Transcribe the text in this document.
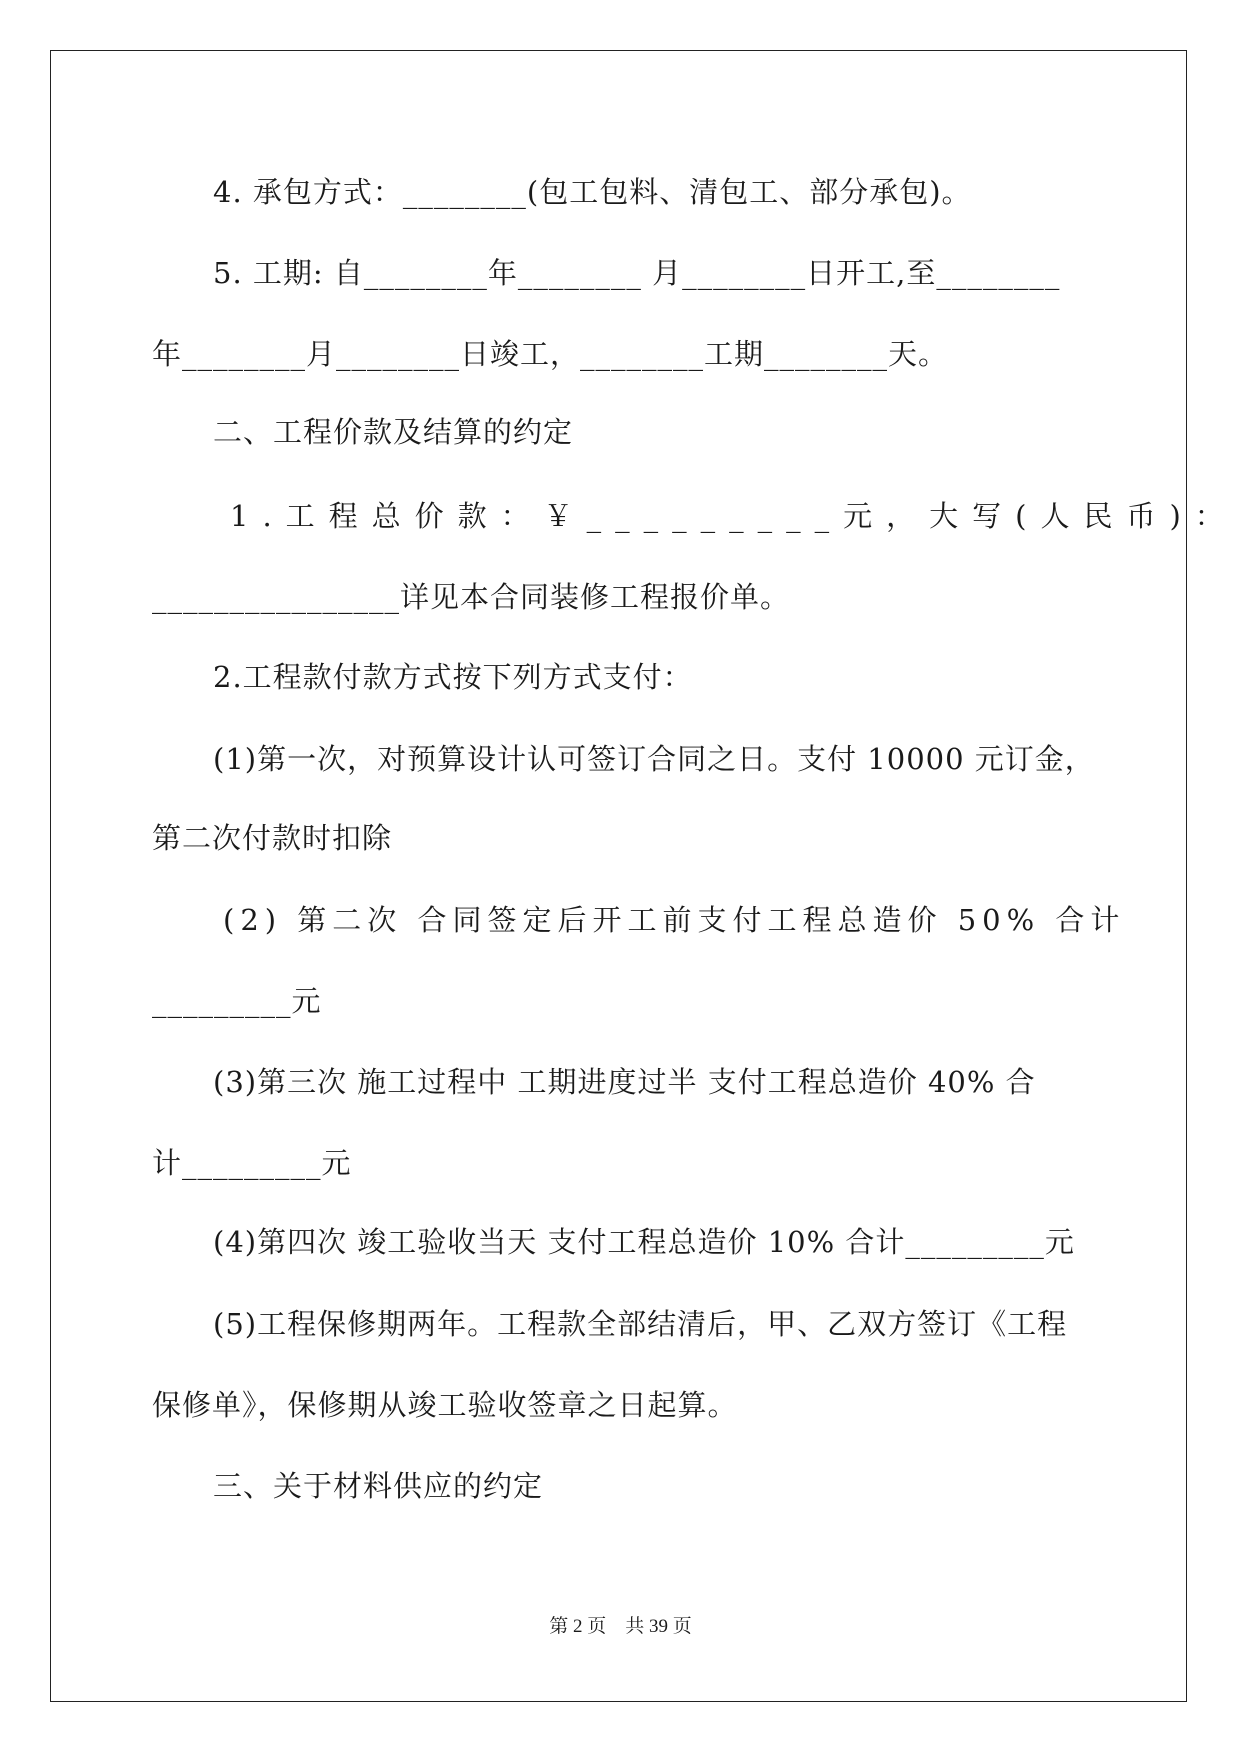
4. 承包方式：________(包工包料、清包工、部分承包)。
5. 工期: 自________年________ 月________日开工,至________
年________月________日竣工，________工期________天。
二、工程价款及结算的约定
1.工程总价款：￥_________元，大写(人民币)：
________________详见本合同装修工程报价单。
2.工程款付款方式按下列方式支付：
(1)第一次，对预算设计认可签订合同之日。支付 10000 元订金，
第二次付款时扣除
(2) 第二次 合同签定后开工前支付工程总造价 50% 合计
_________元
(3)第三次 施工过程中 工期进度过半 支付工程总造价 40% 合
计_________元
(4)第四次 竣工验收当天 支付工程总造价 10% 合计_________元
(5)工程保修期两年。工程款全部结清后，甲、乙双方签订《工程
保修单》，保修期从竣工验收签章之日起算。
三、关于材料供应的约定
第 2 页    共 39 页
